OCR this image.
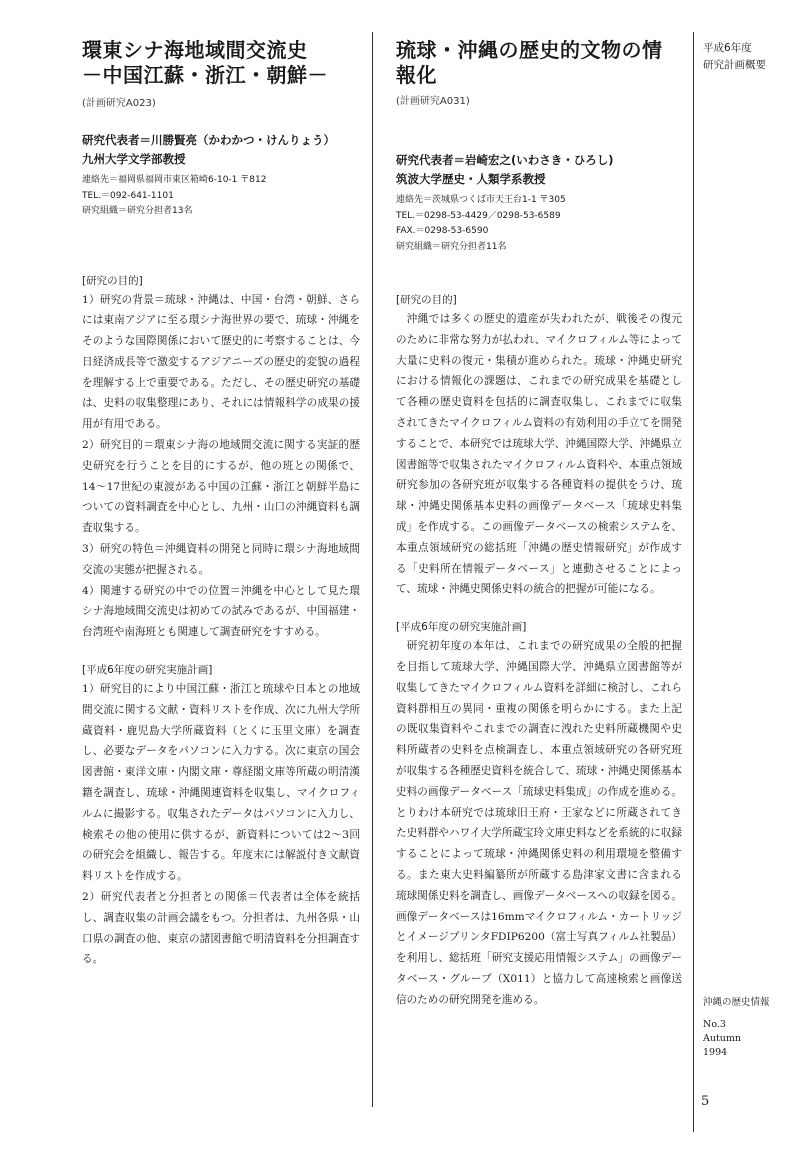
環東シナ海地域間交流史
－中国江蘇・浙江・朝鮮－
(計画研究A023)
研究代表者＝川勝賢亮（かわかつ・けんりょう）
九州大学文学部教授
連絡先＝福岡県福岡市東区箱崎6-10-1 〒812
TEL.＝092-641-1101
研究組織＝研究分担者13名
[研究の目的]

1）研究の背景＝琉球・沖縄は、中国・台湾・朝鮮、さらには東南アジアに至る環シナ海世界の要で、琉球・沖縄をそのような国際関係において歴史的に考察することは、今日経済成長等で激変するアジアニーズの歴史的変貌の過程を理解する上で重要である。ただし、その歴史研究の基礎は、史料の収集整理にあり、それには情報科学の成果の援用が有用である。

2）研究目的＝環東シナ海の地域間交流に関する実証的歴史研究を行うことを目的にするが、他の班との関係で、14～17世紀の東渡がある中国の江蘇・浙江と朝鮮半島についての資料調査を中心とし、九州・山口の沖縄資料も調査収集する。

3）研究の特色＝沖縄資料の開発と同時に環シナ海地域間交流の実態が把握される。

4）関連する研究の中での位置＝沖縄を中心として見た環シナ海地域間交流史は初めての試みであるが、中国福建・台湾班や南海班とも関連して調査研究をすすめる。

[平成6年度の研究実施計画]

1）研究目的により中国江蘇・浙江と琉球や日本との地域間交流に関する文献・資料リストを作成、次に九州大学所蔵資料・鹿児島大学所蔵資料（とくに玉里文庫）を調査し、必要なデータをパソコンに入力する。次に東京の国会図書館・東洋文庫・内閣文庫・尊経閣文庫等所蔵の明清漢籍を調査し、琉球・沖縄関連資料を収集し、マイクロフィルムに撮影する。収集されたデータはパソコンに入力し、検索その他の使用に供するが、新資料については2～3回の研究会を組織し、報告する。年度末には解説付き文献資料リストを作成する。

2）研究代表者と分担者との関係＝代表者は全体を統括し、調査収集の計画会議をもつ。分担者は、九州各県・山口県の調査の他、東京の諸図書館で明清資料を分担調査する。

琉球・沖縄の歴史的文物の情報化
(計画研究A031)
研究代表者＝岩崎宏之(いわさき・ひろし)
筑波大学歴史・人類学系教授
連絡先＝茨城県つくば市天王台1-1 〒305
TEL.＝0298-53-4429／0298-53-6589
FAX.＝0298-53-6590
研究組織＝研究分担者11名
[研究の目的]

沖縄では多くの歴史的遺産が失われたが、戦後その復元のために非常な努力が払われ、マイクロフィルム等によって大量に史料の復元・集積が進められた。琉球・沖縄史研究における情報化の課題は、これまでの研究成果を基礎として各種の歴史資料を包括的に調査収集し、これまでに収集されてきたマイクロフィルム資料の有効利用の手立てを開発することで、本研究では琉球大学、沖縄国際大学、沖縄県立図書館等で収集されたマイクロフィルム資料や、本重点領域研究参加の各研究班が収集する各種資料の提供をうけ、琉球・沖縄史関係基本史料の画像データベース「琉球史料集成」を作成する。この画像データベースの検索システムを、本重点領域研究の総括班「沖縄の歴史情報研究」が作成する「史料所在情報データベース」と連動させることによって、琉球・沖縄史関係史料の統合的把握が可能になる。

[平成6年度の研究実施計画]

研究初年度の本年は、これまでの研究成果の全般的把握を目指して琉球大学、沖縄国際大学、沖縄県立図書館等が収集してきたマイクロフィルム資料を詳細に検討し、これら資料群相互の異同・重複の関係を明らかにする。また上記の既収集資料やこれまでの調査に洩れた史料所蔵機関や史料所蔵者の史料を点検調査し、本重点領域研究の各研究班が収集する各種歴史資料を統合して、琉球・沖縄史関係基本史料の画像データベース「琉球史料集成」の作成を進める。とりわけ本研究では琉球旧王府・王家などに所蔵されてきた史料群やハワイ大学所蔵宝玲文庫史料などを系統的に収録することによって琉球・沖縄関係史料の利用環境を整備する。また東大史料編纂所が所蔵する島津家文書に含まれる琉球関係史料を調査し、画像データベースへの収録を図る。画像データベースは16mmマイクロフィルム・カートリッジとイメージプリンタFDIP6200（富士写真フィルム社製品）を利用し、総括班「研究支援応用情報システム」の画像データベース・グループ（X011）と協力して高速検索と画像送信のための研究開発を進める。

平成6年度
研究計画概要
沖縄の歴史情報
No.3
Autumn
1994
5
